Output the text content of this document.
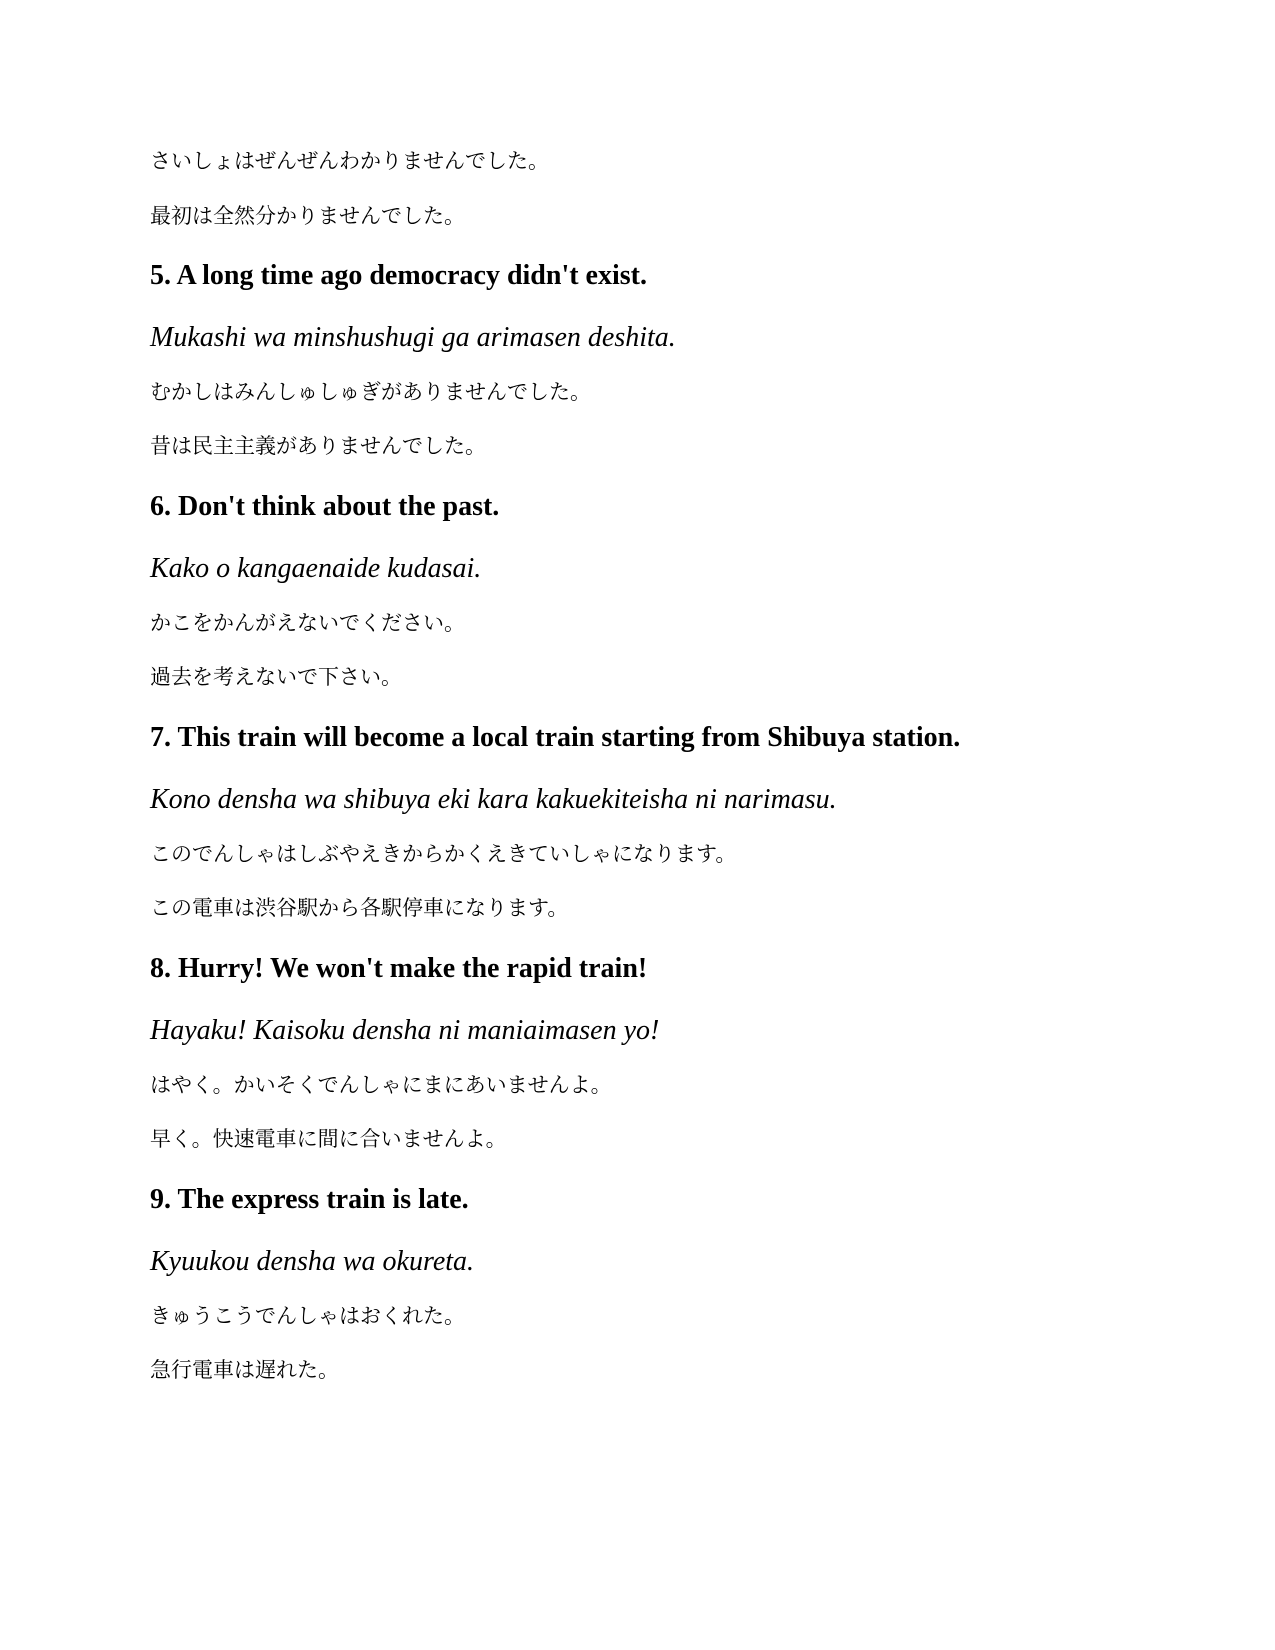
さいしょはぜんぜんわかりませんでした。

最初は全然分かりませんでした。

5. A long time ago democracy didn't exist.

Mukashi wa minshushugi ga arimasen deshita.

むかしはみんしゅしゅぎがありませんでした。

昔は民主主義がありませんでした。

6. Don't think about the past.

Kako o kangaenaide kudasai.

かこをかんがえないでください。

過去を考えないで下さい。

7. This train will become a local train starting from Shibuya station.

Kono densha wa shibuya eki kara kakuekiteisha ni narimasu.

このでんしゃはしぶやえきからかくえきていしゃになります。

この電車は渋谷駅から各駅停車になります。

8. Hurry! We won't make the rapid train!

Hayaku! Kaisoku densha ni maniaimasen yo!

はやく。かいそくでんしゃにまにあいませんよ。

早く。快速電車に間に合いませんよ。

9. The express train is late.

Kyuukou densha wa okureta.

きゅうこうでんしゃはおくれた。

急行電車は遅れた。
